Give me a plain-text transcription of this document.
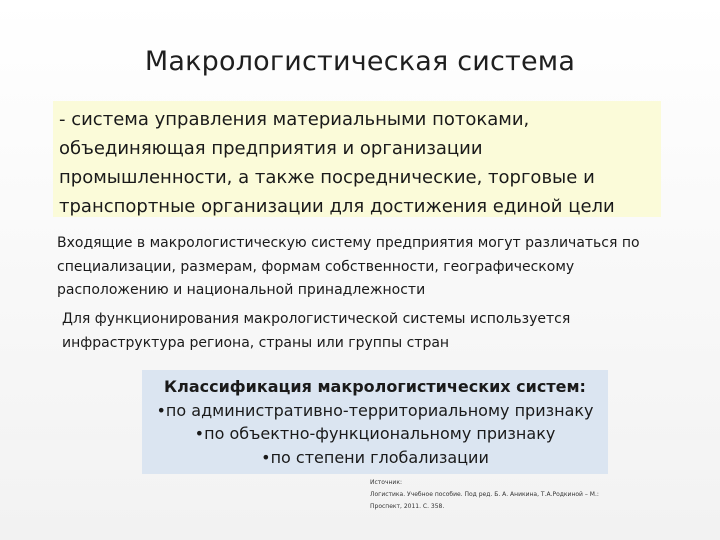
Макрологистическая система

- система управления материальными потоками, объединяющая предприятия и организации промышленности, а также посреднические, торговые и транспортные организации для достижения единой цели

Входящие в макрологистическую систему предприятия могут различаться по специализации, размерам, формам собственности, географическому расположению и национальной принадлежности

Для функционирования макрологистической системы используется инфраструктура региона, страны или группы стран

Классификация макрологистических систем:
•по административно-территориальному признаку
•по объектно-функциональному признаку
•по степени глобализации
Источник:
Логистика. Учебное пособие. Под ред. Б. А. Аникина, Т.А.Родкиной – М.:
Проспект, 2011. С. 358.
